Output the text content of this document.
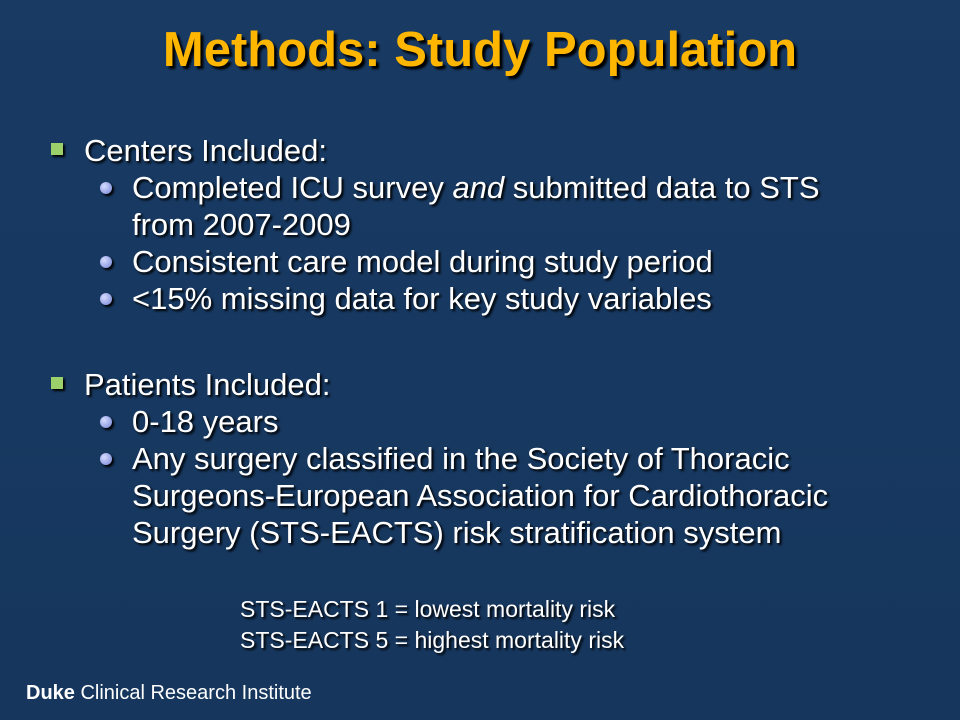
Methods: Study Population
Centers Included:
Completed ICU survey and submitted data to STS
from 2007-2009
Consistent care model during study period
<15% missing data for key study variables
Patients Included:
0-18 years
Any surgery classified in the Society of Thoracic
Surgeons-European Association for Cardiothoracic
Surgery (STS-EACTS) risk stratification system
STS-EACTS 1 = lowest mortality risk
STS-EACTS 5 = highest mortality risk
Duke Clinical Research Institute
